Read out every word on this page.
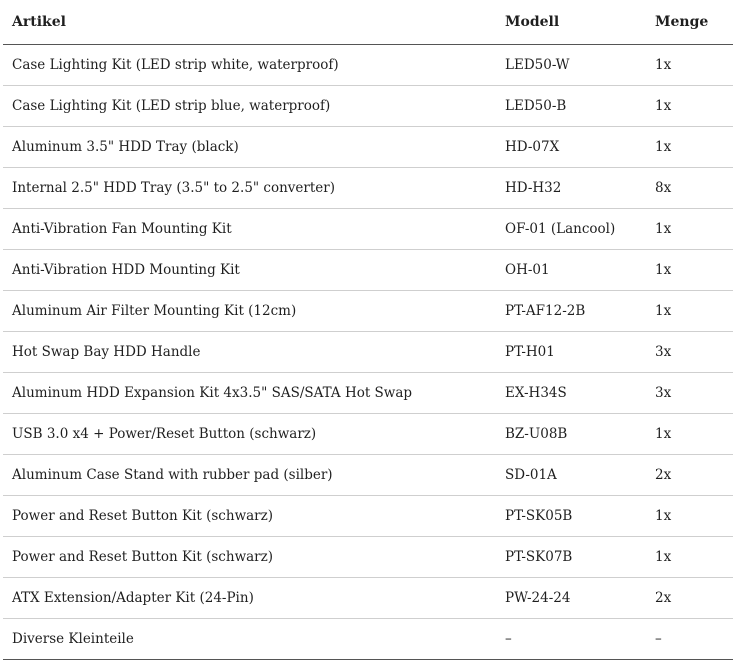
Artikel	Modell	Menge
Case Lighting Kit (LED strip white, waterproof)	LED50-W	1x
Case Lighting Kit (LED strip blue, waterproof)	LED50-B	1x
Aluminum 3.5" HDD Tray (black)	HD-07X	1x
Internal 2.5" HDD Tray (3.5" to 2.5" converter)	HD-H32	8x
Anti-Vibration Fan Mounting Kit	OF-01 (Lancool)	1x
Anti-Vibration HDD Mounting Kit	OH-01	1x
Aluminum Air Filter Mounting Kit (12cm)	PT-AF12-2B	1x
Hot Swap Bay HDD Handle	PT-H01	3x
Aluminum HDD Expansion Kit 4x3.5" SAS/SATA Hot Swap	EX-H34S	3x
USB 3.0 x4 + Power/Reset Button (schwarz)	BZ-U08B	1x
Aluminum Case Stand with rubber pad (silber)	SD-01A	2x
Power and Reset Button Kit (schwarz)	PT-SK05B	1x
Power and Reset Button Kit (schwarz)	PT-SK07B	1x
ATX Extension/Adapter Kit (24-Pin)	PW-24-24	2x
Diverse Kleinteile	–	–
